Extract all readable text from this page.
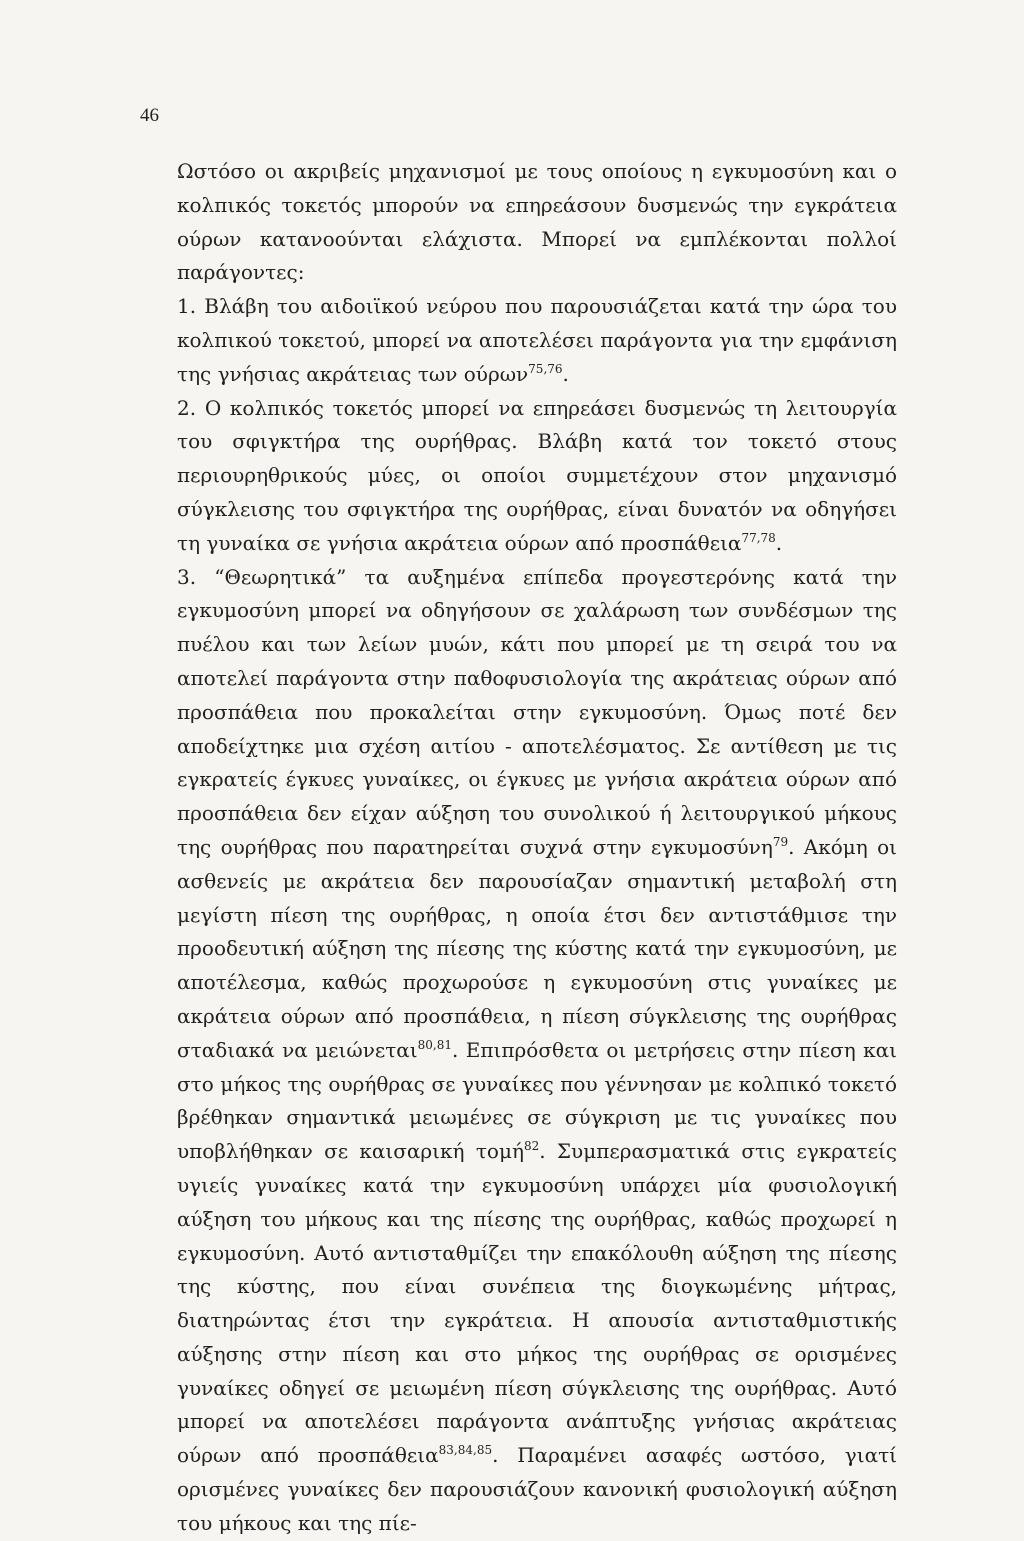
46

Ωστόσο οι ακριβείς μηχανισμοί με τους οποίους η εγκυμοσύνη και ο κολπικός τοκετός μπορούν να επηρεάσουν δυσμενώς την εγκράτεια ούρων κατανοούνται ελάχιστα. Μπορεί να εμπλέκονται πολλοί παράγοντες:

1. Βλάβη του αιδοιϊκού νεύρου που παρουσιάζεται κατά την ώρα του κολπικού τοκετού, μπορεί να αποτελέσει παράγοντα για την εμφάνιση της γνήσιας ακράτειας των ούρων$^{75,76}$.

2. Ο κολπικός τοκετός μπορεί να επηρεάσει δυσμενώς τη λειτουργία του σφιγκτήρα της ουρήθρας. Βλάβη κατά τον τοκετό στους περιουρηθρικούς μύες, οι οποίοι συμμετέχουν στον μηχανισμό σύγκλεισης του σφιγκτήρα της ουρήθρας, είναι δυνατόν να οδηγήσει τη γυναίκα σε γνήσια ακράτεια ούρων από προσπάθεια$^{77,78}$.

3. “Θεωρητικά” τα αυξημένα επίπεδα προγεστερόνης κατά την εγκυμοσύνη μπορεί να οδηγήσουν σε χαλάρωση των συνδέσμων της πυέλου και των λείων μυών, κάτι που μπορεί με τη σειρά του να αποτελεί παράγοντα στην παθοφυσιολογία της ακράτειας ούρων από προσπάθεια που προκαλείται στην εγκυμοσύνη. Όμως ποτέ δεν αποδείχτηκε μια σχέση αιτίου - αποτελέσματος. Σε αντίθεση με τις εγκρατείς έγκυες γυναίκες, οι έγκυες με γνήσια ακράτεια ούρων από προσπάθεια δεν είχαν αύξηση του συνολικού ή λειτουργικού μήκους της ουρήθρας που παρατηρείται συχνά στην εγκυμοσύνη$^{79}$. Ακόμη οι ασθενείς με ακράτεια δεν παρουσίαζαν σημαντική μεταβολή στη μεγίστη πίεση της ουρήθρας, η οποία έτσι δεν αντιστάθμισε την προοδευτική αύξηση της πίεσης της κύστης κατά την εγκυμοσύνη, με αποτέλεσμα, καθώς προχωρούσε η εγκυμοσύνη στις γυναίκες με ακράτεια ούρων από προσπάθεια, η πίεση σύγκλεισης της ουρήθρας σταδιακά να μειώνεται$^{80,81}$. Επιπρόσθετα οι μετρήσεις στην πίεση και στο μήκος της ουρήθρας σε γυναίκες που γέννησαν με κολπικό τοκετό βρέθηκαν σημαντικά μειωμένες σε σύγκριση με τις γυναίκες που υποβλήθηκαν σε καισαρική τομή$^{82}$. Συμπερασματικά στις εγκρατείς υγιείς γυναίκες κατά την εγκυμοσύνη υπάρχει μία φυσιολογική αύξηση του μήκους και της πίεσης της ουρήθρας, καθώς προχωρεί η εγκυμοσύνη. Αυτό αντισταθμίζει την επακόλουθη αύξηση της πίεσης της κύστης, που είναι συνέπεια της διογκωμένης μήτρας, διατηρώντας έτσι την εγκράτεια. Η απουσία αντισταθμιστικής αύξησης στην πίεση και στο μήκος της ουρήθρας σε ορισμένες γυναίκες οδηγεί σε μειωμένη πίεση σύγκλεισης της ουρήθρας. Αυτό μπορεί να αποτελέσει παράγοντα ανάπτυξης γνήσιας ακράτειας ούρων από προσπάθεια$^{83,84,85}$. Παραμένει ασαφές ωστόσο, γιατί ορισμένες γυναίκες δεν παρουσιάζουν κανονική φυσιολογική αύξηση του μήκους και της πίε-
